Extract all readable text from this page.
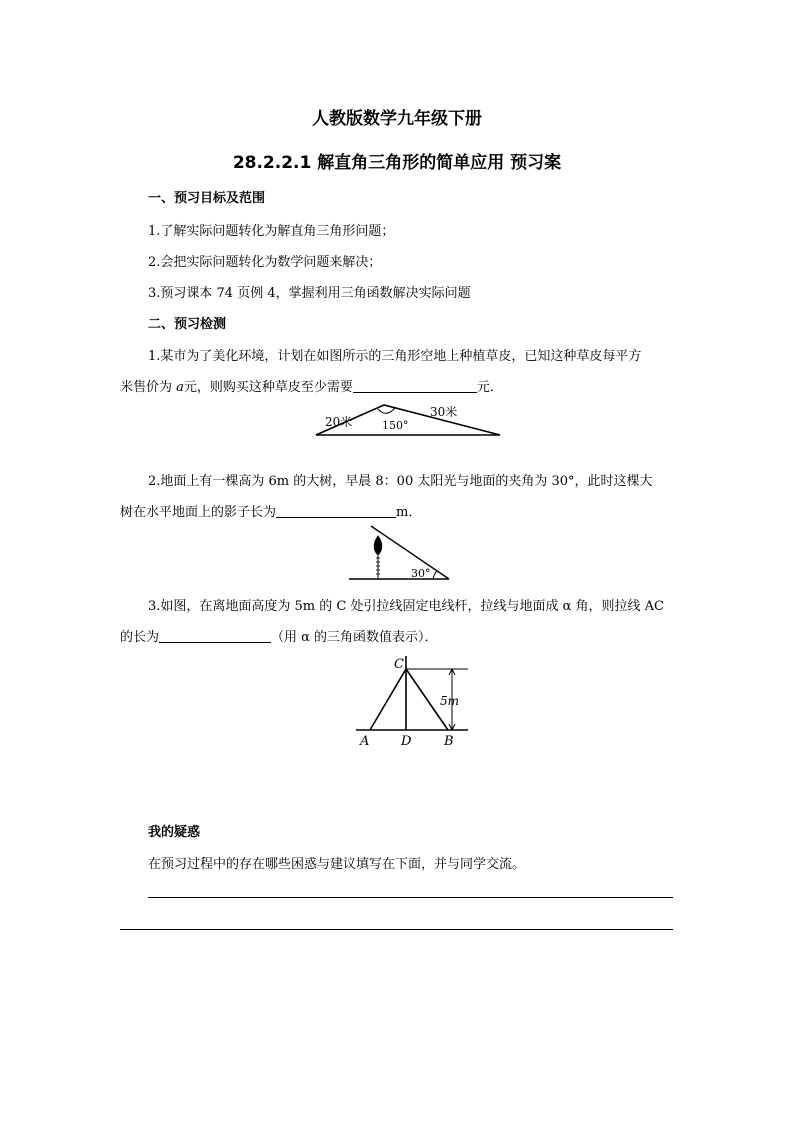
人教版数学九年级下册
28.2.2.1 解直角三角形的简单应用 预习案
一、预习目标及范围
1.了解实际问题转化为解直角三角形问题；
2.会把实际问题转化为数学问题来解决；
3.预习课本 74 页例 4，掌握利用三角函数解决实际问题
二、预习检测
1.某市为了美化环境，计划在如图所示的三角形空地上种植草皮，已知这种草皮每平方
米售价为 a元，则购买这种草皮至少需要	元．
20米
30米
150°
2.地面上有一棵高为 6m 的大树，早晨 8：00 太阳光与地面的夹角为 30°，此时这棵大
树在水平地面上的影子长为	m．
30°
3.如图，在离地面高度为 5m 的 C 处引拉线固定电线杆，拉线与地面成 α 角，则拉线 AC
的长为	（用 α 的三角函数值表示）．
C
A D	B
5m
我的疑惑
在预习过程中的存在哪些困惑与建议填写在下面，并与同学交流。
